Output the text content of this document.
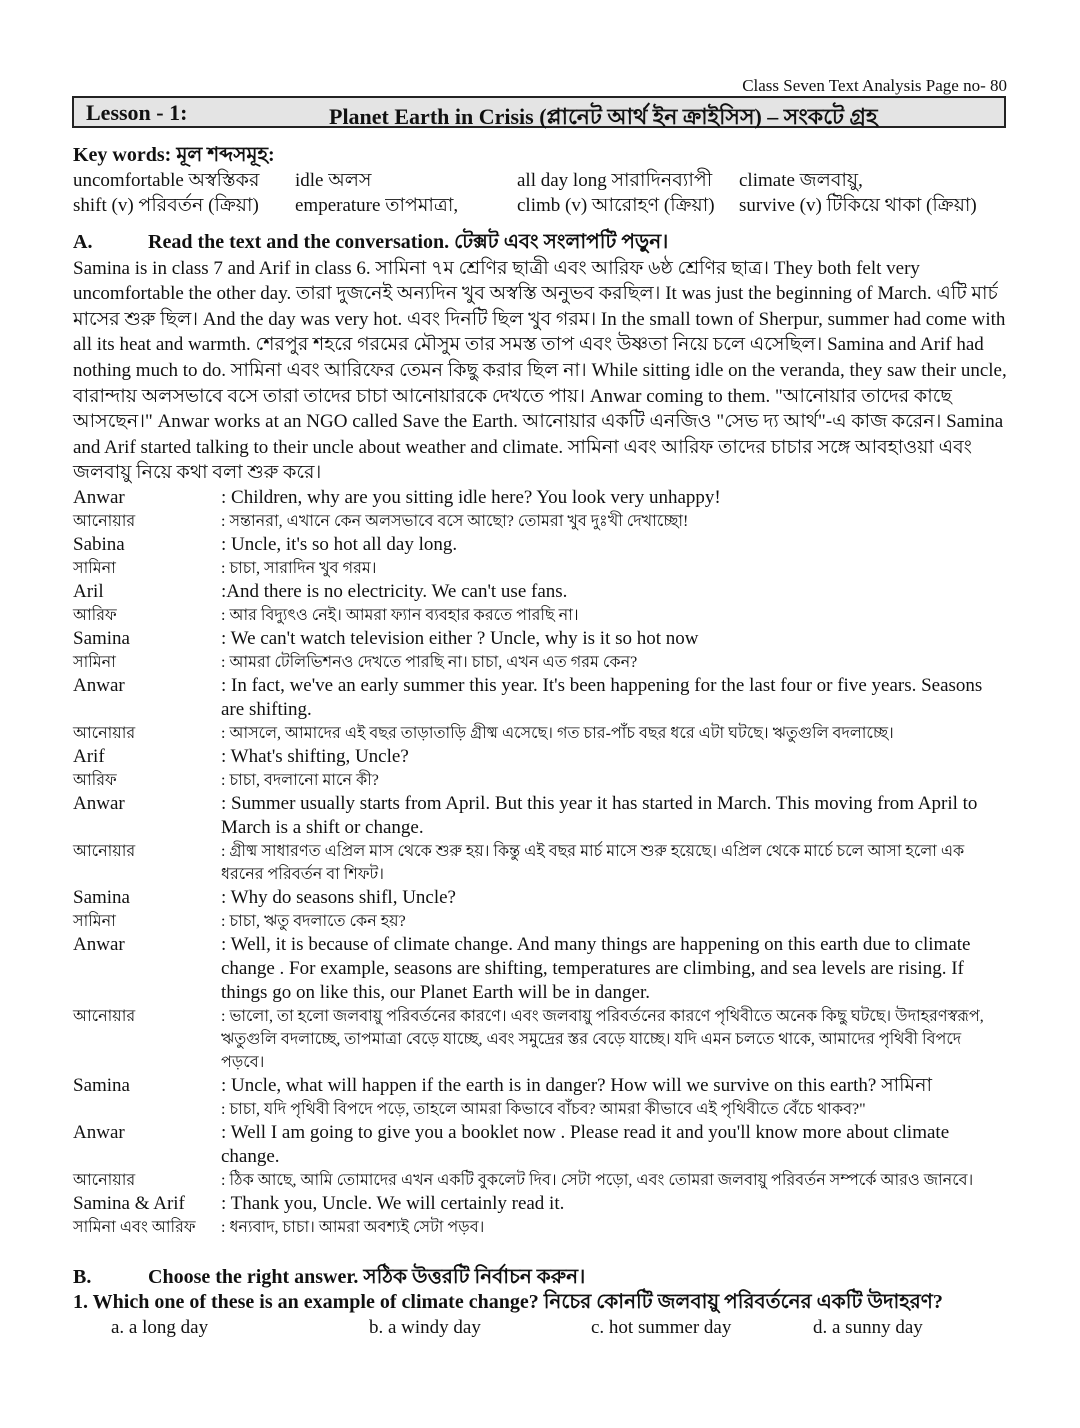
Class Seven Text Analysis Page no- 80
Lesson - 1:	Planet Earth in Crisis (প্লানেট আর্থ ইন ক্রাইসিস) – সংকটে গ্রহ
Key words: মূল শব্দসমূহ:
uncomfortable অস্বস্তিকর	idle অলস	all day long সারাদিনব্যাপী	climate জলবায়ু,
shift (v) পরিবর্তন (ক্রিয়া)	emperature তাপমাত্রা,	climb (v) আরোহণ (ক্রিয়া)	survive (v) টিকিয়ে থাকা (ক্রিয়া)
A.	Read the text and the conversation. টেক্সট এবং সংলাপটি পড়ুন।
Samina is in class 7 and Arif in class 6. সামিনা ৭ম শ্রেণির ছাত্রী এবং আরিফ ৬ষ্ঠ শ্রেণির ছাত্র। They both felt very uncomfortable the other day. তারা দুজনেই অন্যদিন খুব অস্বস্তি অনুভব করছিল। It was just the beginning of March. এটি মার্চ মাসের শুরু ছিল। And the day was very hot. এবং দিনটি ছিল খুব গরম। In the small town of Sherpur, summer had come with all its heat and warmth. শেরপুর শহরে গরমের মৌসুম তার সমস্ত তাপ এবং উষ্ণতা নিয়ে চলে এসেছিল। Samina and Arif had nothing much to do. সামিনা এবং আরিফের তেমন কিছু করার ছিল না। While sitting idle on the veranda, they saw their uncle, বারান্দায় অলসভাবে বসে তারা তাদের চাচা আনোয়ারকে দেখতে পায়। Anwar coming to them. "আনোয়ার তাদের কাছে আসছেন।" Anwar works at an NGO called Save the Earth. আনোয়ার একটি এনজিও "সেভ দ্য আর্থ"-এ কাজ করেন। Samina and Arif started talking to their uncle about weather and climate. সামিনা এবং আরিফ তাদের চাচার সঙ্গে আবহাওয়া এবং জলবায়ু নিয়ে কথা বলা শুরু করে।
Anwar	: Children, why are you sitting idle here? You look very unhappy!
আনোয়ার	: সন্তানরা, এখানে কেন অলসভাবে বসে আছো? তোমরা খুব দুঃখী দেখাচ্ছো!
Sabina	: Uncle, it's so hot all day long.
সামিনা	: চাচা, সারাদিন খুব গরম।
Aril	:And there is no electricity. We can't use fans.
আরিফ	: আর বিদ্যুৎও নেই। আমরা ফ্যান ব্যবহার করতে পারছি না।
Samina	: We can't watch television either ? Uncle, why is it so hot now
সামিনা	: আমরা টেলিভিশনও দেখতে পারছি না। চাচা, এখন এত গরম কেন?
Anwar	: In fact, we've an early summer this year. It's been happening for the last four or five years. Seasons are shifting.
আনোয়ার	: আসলে, আমাদের এই বছর তাড়াতাড়ি গ্রীষ্ম এসেছে। গত চার-পাঁচ বছর ধরে এটা ঘটছে। ঋতুগুলি বদলাচ্ছে।
Arif	: What's shifting, Uncle?
আরিফ	: চাচা, বদলানো মানে কী?
Anwar	: Summer usually starts from April. But this year it has started in March. This moving from April to March is a shift or change.
আনোয়ার	: গ্রীষ্ম সাধারণত এপ্রিল মাস থেকে শুরু হয়। কিন্তু এই বছর মার্চ মাসে শুরু হয়েছে। এপ্রিল থেকে মার্চে চলে আসা হলো এক ধরনের পরিবর্তন বা শিফট।
Samina	: Why do seasons shifl, Uncle?
সামিনা	: চাচা, ঋতু বদলাতে কেন হয়?
Anwar	: Well, it is because of climate change. And many things are happening on this earth due to climate change . For example, seasons are shifting, temperatures are climbing, and sea levels are rising. If things go on like this, our Planet Earth will be in danger.
আনোয়ার	: ভালো, তা হলো জলবায়ু পরিবর্তনের কারণে। এবং জলবায়ু পরিবর্তনের কারণে পৃথিবীতে অনেক কিছু ঘটছে। উদাহরণস্বরূপ, ঋতুগুলি বদলাচ্ছে, তাপমাত্রা বেড়ে যাচ্ছে, এবং সমুদ্রের স্তর বেড়ে যাচ্ছে। যদি এমন চলতে থাকে, আমাদের পৃথিবী বিপদে পড়বে।
Samina	: Uncle, what will happen if the earth is in danger? How will we survive on this earth? সামিনা
: চাচা, যদি পৃথিবী বিপদে পড়ে, তাহলে আমরা কিভাবে বাঁচব? আমরা কীভাবে এই পৃথিবীতে বেঁচে থাকব?"
Anwar	: Well I am going to give you a booklet now . Please read it and you'll know more about climate change.
আনোয়ার	: ঠিক আছে, আমি তোমাদের এখন একটি বুকলেট দিব। সেটা পড়ো, এবং তোমরা জলবায়ু পরিবর্তন সম্পর্কে আরও জানবে।
Samina & Arif	: Thank you, Uncle. We will certainly read it.
সামিনা এবং আরিফ	: ধন্যবাদ, চাচা। আমরা অবশ্যই সেটা পড়ব।
B.	Choose the right answer. সঠিক উত্তরটি নির্বাচন করুন।
1. Which one of these is an example of climate change? নিচের কোনটি জলবায়ু পরিবর্তনের একটি উদাহরণ?
a. a long day	b. a windy day	c. hot summer day	d. a sunny day
